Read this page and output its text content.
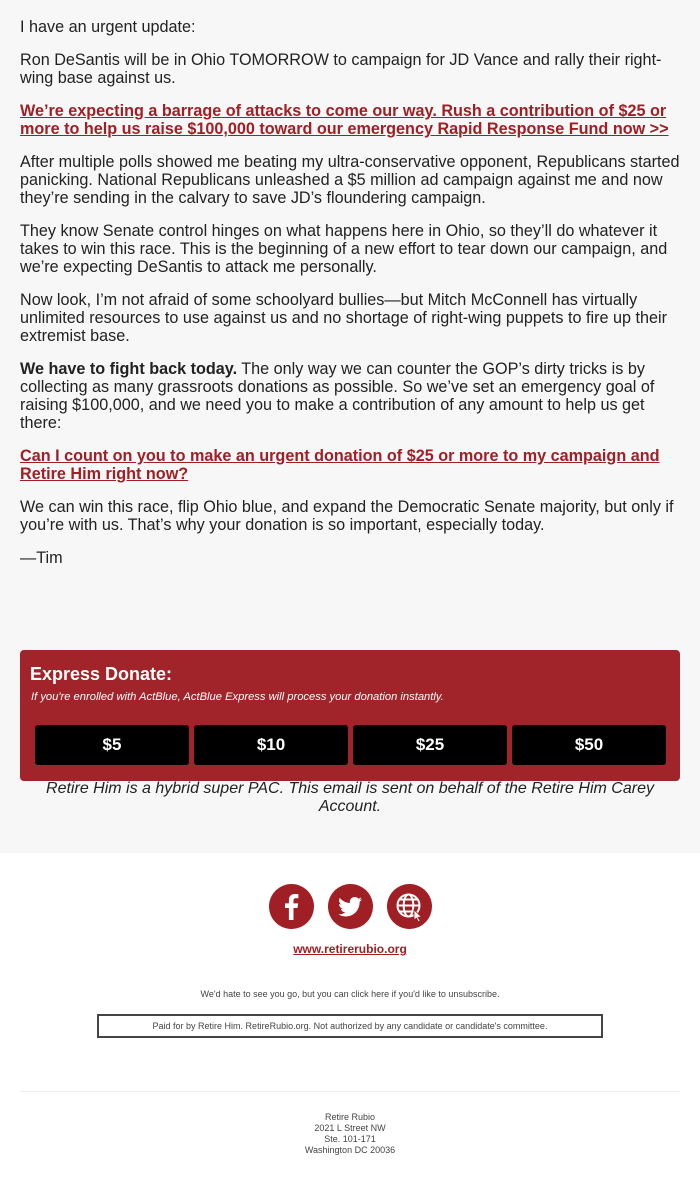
I have an urgent update:

Ron DeSantis will be in Ohio TOMORROW to campaign for JD Vance and rally their right-wing base against us.

We’re expecting a barrage of attacks to come our way. Rush a contribution of $25 or more to help us raise $100,000 toward our emergency Rapid Response Fund now >>

After multiple polls showed me beating my ultra-conservative opponent, Republicans started panicking. National Republicans unleashed a $5 million ad campaign against me and now they’re sending in the calvary to save JD’s floundering campaign.

They know Senate control hinges on what happens here in Ohio, so they’ll do whatever it takes to win this race. This is the beginning of a new effort to tear down our campaign, and we’re expecting DeSantis to attack me personally.

Now look, I’m not afraid of some schoolyard bullies—but Mitch McConnell has virtually unlimited resources to use against us and no shortage of right-wing puppets to fire up their extremist base.

We have to fight back today. The only way we can counter the GOP’s dirty tricks is by collecting as many grassroots donations as possible. So we’ve set an emergency goal of raising $100,000, and we need you to make a contribution of any amount to help us get there:

Can I count on you to make an urgent donation of $25 or more to my campaign and Retire Him right now?

We can win this race, flip Ohio blue, and expand the Democratic Senate majority, but only if you’re with us. That’s why your donation is so important, especially today.

—Tim

Express Donate:
If you're enrolled with ActBlue, ActBlue Express will process your donation instantly.
$5	$10	$25	$50
Retire Him is a hybrid super PAC. This email is sent on behalf of the Retire Him Carey Account.
www.retirerubio.org
We'd hate to see you go, but you can click here if you'd like to unsubscribe.
Paid for by Retire Him. RetireRubio.org. Not authorized by any candidate or candidate's committee.
Retire Rubio
2021 L Street NW
Ste. 101-171
Washington DC 20036
